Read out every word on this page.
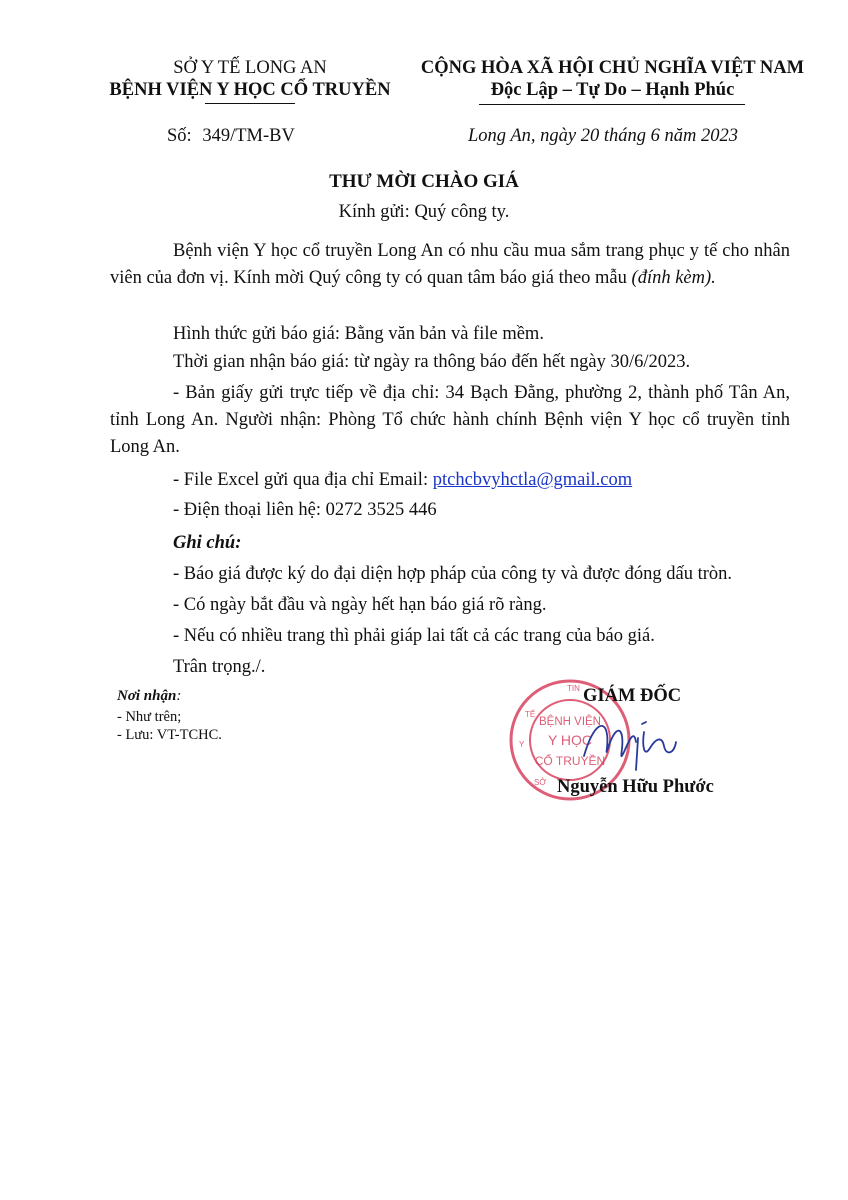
SỞ Y TẾ LONG AN
BỆNH VIỆN Y HỌC CỔ TRUYỀN
CỘNG HÒA XÃ HỘI CHỦ NGHĨA VIỆT NAM
Độc Lập – Tự Do – Hạnh Phúc
Số: 349/TM-BV	Long An, ngày 20 tháng 6 năm 2023
THƯ MỜI CHÀO GIÁ
Kính gửi: Quý công ty.
Bệnh viện Y học cổ truyền Long An có nhu cầu mua sắm trang phục y tế cho nhân viên của đơn vị. Kính mời Quý công ty có quan tâm báo giá theo mẫu (đính kèm).
Hình thức gửi báo giá: Bằng văn bản và file mềm.
Thời gian nhận báo giá: từ ngày ra thông báo đến hết ngày 30/6/2023.
- Bản giấy gửi trực tiếp về địa chỉ: 34 Bạch Đằng, phường 2, thành phố Tân An, tỉnh Long An. Người nhận: Phòng Tổ chức hành chính Bệnh viện Y học cổ truyền tỉnh Long An.
- File Excel gửi qua địa chỉ Email: ptchcbvyhctla@gmail.com
- Điện thoại liên hệ: 0272 3525 446
Ghi chú:
- Báo giá được ký do đại diện hợp pháp của công ty và được đóng dấu tròn.
- Có ngày bắt đầu và ngày hết hạn báo giá rõ ràng.
- Nếu có nhiều trang thì phải giáp lai tất cả các trang của báo giá.
Trân trọng./.
Nơi nhận:
- Như trên;
- Lưu: VT-TCHC.
TIN
TẾ
Y
SỞ
BỆNH VIỆN
Y HỌC
CỔ TRUYỀN
GIÁM ĐỐC
Nguyễn Hữu Phước
